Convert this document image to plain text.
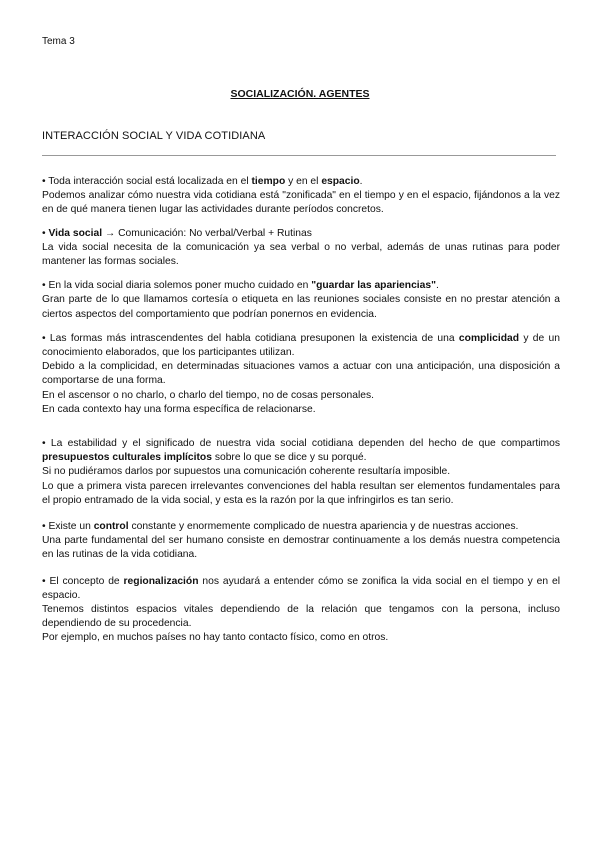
Tema 3
SOCIALIZACIÓN. AGENTES
INTERACCIÓN SOCIAL Y VIDA COTIDIANA

• Toda interacción social está localizada en el tiempo y en el espacio.

Podemos analizar cómo nuestra vida cotidiana está "zonificada" en el tiempo y en el espacio, fijándonos a la vez en de qué manera tienen lugar las actividades durante períodos concretos.

• Vida social → Comunicación: No verbal/Verbal + Rutinas

La vida social necesita de la comunicación ya sea verbal o no verbal, además de unas rutinas para poder mantener las formas sociales.

• En la vida social diaria solemos poner mucho cuidado en "guardar las apariencias".

Gran parte de lo que llamamos cortesía o etiqueta en las reuniones sociales consiste en no prestar atención a ciertos aspectos del comportamiento que podrían ponernos en evidencia.

• Las formas más intrascendentes del habla cotidiana presuponen la existencia de una complicidad y de un conocimiento elaborados, que los participantes utilizan.

Debido a la complicidad, en determinadas situaciones vamos a actuar con una anticipación, una disposición a comportarse de una forma.

En el ascensor o no charlo, o charlo del tiempo, no de cosas personales.

En cada contexto hay una forma específica de relacionarse.

• La estabilidad y el significado de nuestra vida social cotidiana dependen del hecho de que compartimos presupuestos culturales implícitos sobre lo que se dice y su porqué.

Si no pudiéramos darlos por supuestos una comunicación coherente resultaría imposible.

Lo que a primera vista parecen irrelevantes convenciones del habla resultan ser elementos fundamentales para el propio entramado de la vida social, y esta es la razón por la que infringirlos es tan serio.

• Existe un control constante y enormemente complicado de nuestra apariencia y de nuestras acciones.

Una parte fundamental del ser humano consiste en demostrar continuamente a los demás nuestra competencia en las rutinas de la vida cotidiana.

• El concepto de regionalización nos ayudará a entender cómo se zonifica la vida social en el tiempo y en el espacio.

Tenemos distintos espacios vitales dependiendo de la relación que tengamos con la persona, incluso dependiendo de su procedencia.

Por ejemplo, en muchos países no hay tanto contacto físico, como en otros.
